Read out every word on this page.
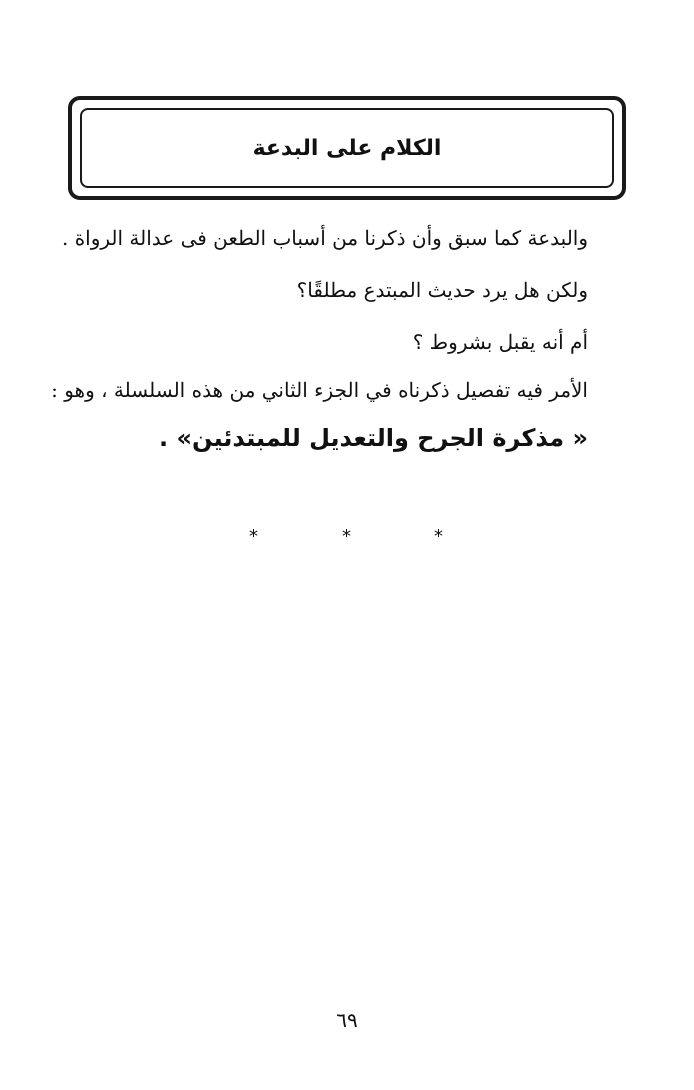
الكلام على البدعة
والبدعة كما سبق وأن ذكرنا من أسباب الطعن فى عدالة الرواة .
ولكن هل يرد حديث المبتدع مطلقًا؟
أم أنه يقبل بشروط ؟
الأمر فيه تفصيل ذكرناه في الجزء الثاني من هذه السلسلة ، وهو :
« مذكرة الجرح والتعديل للمبتدئين» .
*	*	*
٦٩
